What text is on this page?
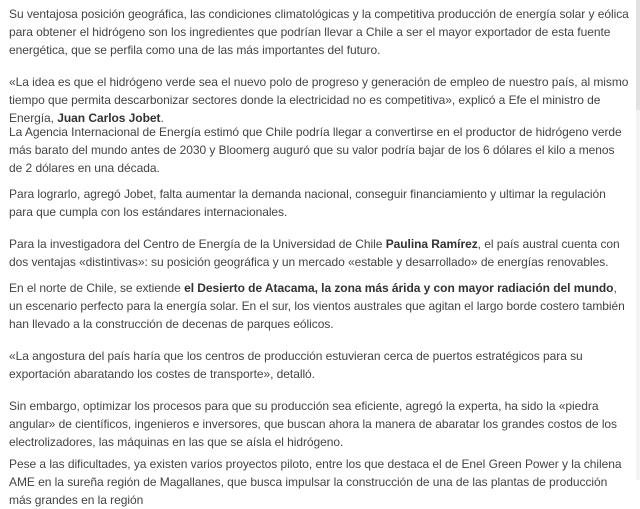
Su ventajosa posición geográfica, las condiciones climatológicas y la competitiva producción de energía solar y eólica para obtener el hidrógeno son los ingredientes que podrían llevar a Chile a ser el mayor exportador de esta fuente energética, que se perfila como una de las más importantes del futuro.

«La idea es que el hidrógeno verde sea el nuevo polo de progreso y generación de empleo de nuestro país, al mismo tiempo que permita descarbonizar sectores donde la electricidad no es competitiva», explicó a Efe el ministro de Energía, Juan Carlos Jobet.

La Agencia Internacional de Energía estimó que Chile podría llegar a convertirse en el productor de hidrógeno verde más barato del mundo antes de 2030 y Bloomerg auguró que su valor podría bajar de los 6 dólares el kilo a menos de 2 dólares en una década.

Para lograrlo, agregó Jobet, falta aumentar la demanda nacional, conseguir financiamiento y ultimar la regulación para que cumpla con los estándares internacionales.

Para la investigadora del Centro de Energía de la Universidad de Chile Paulina Ramírez, el país austral cuenta con dos ventajas «distintivas»: su posición geográfica y un mercado «estable y desarrollado» de energías renovables.

En el norte de Chile, se extiende el Desierto de Atacama, la zona más árida y con mayor radiación del mundo, un escenario perfecto para la energía solar. En el sur, los vientos australes que agitan el largo borde costero también han llevado a la construcción de decenas de parques eólicos.

«La angostura del país haría que los centros de producción estuvieran cerca de puertos estratégicos para su exportación abaratando los costes de transporte», detalló.

Sin embargo, optimizar los procesos para que su producción sea eficiente, agregó la experta, ha sido la «piedra angular» de científicos, ingenieros e inversores, que buscan ahora la manera de abaratar los grandes costos de los electrolizadores, las máquinas en las que se aísla el hidrógeno.

Pese a las dificultades, ya existen varios proyectos piloto, entre los que destaca el de Enel Green Power y la chilena AME en la sureña región de Magallanes, que busca impulsar la construcción de una de las plantas de producción más grandes en la región
